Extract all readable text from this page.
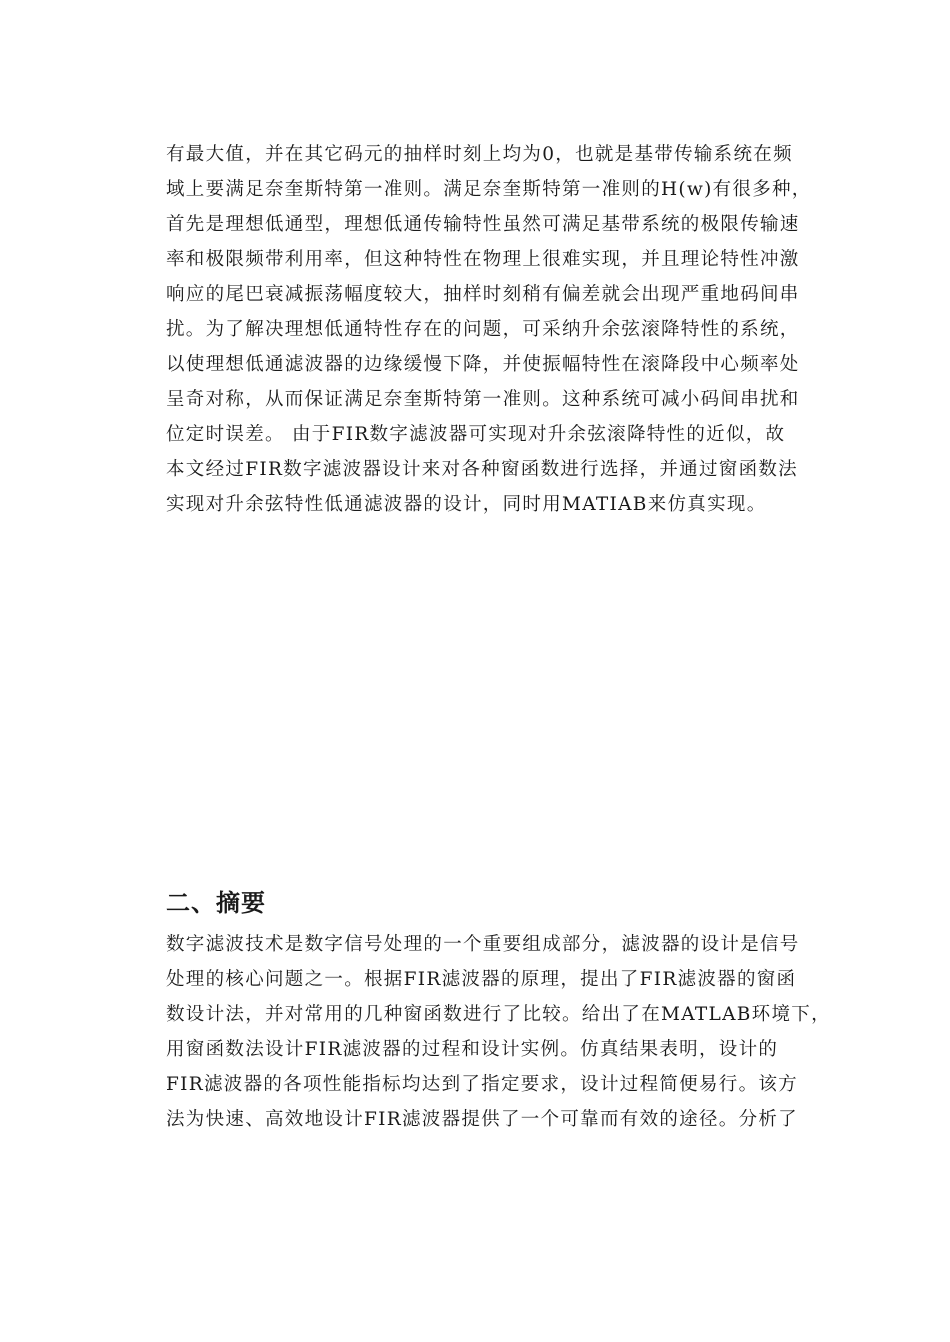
有最大值，并在其它码元的抽样时刻上均为0，也就是基带传输系统在频
域上要满足奈奎斯特第一准则。满足奈奎斯特第一准则的H(w)有很多种，
首先是理想低通型，理想低通传输特性虽然可满足基带系统的极限传输速
率和极限频带利用率，但这种特性在物理上很难实现，并且理论特性冲激
响应的尾巴衰减振荡幅度较大，抽样时刻稍有偏差就会出现严重地码间串
扰。为了解决理想低通特性存在的问题，可采纳升余弦滚降特性的系统，
以使理想低通滤波器的边缘缓慢下降，并使振幅特性在滚降段中心频率处
呈奇对称，从而保证满足奈奎斯特第一准则。这种系统可减小码间串扰和
位定时误差。 由于FIR数字滤波器可实现对升余弦滚降特性的近似，故
本文经过FIR数字滤波器设计来对各种窗函数进行选择，并通过窗函数法
实现对升余弦特性低通滤波器的设计，同时用MATIAB来仿真实现。
二、摘要
数字滤波技术是数字信号处理的一个重要组成部分，滤波器的设计是信号
处理的核心问题之一。根据FIR滤波器的原理，提出了FIR滤波器的窗函
数设计法，并对常用的几种窗函数进行了比较。给出了在MATLAB环境下，
用窗函数法设计FIR滤波器的过程和设计实例。仿真结果表明，设计的
FIR滤波器的各项性能指标均达到了指定要求，设计过程简便易行。该方
法为快速、高效地设计FIR滤波器提供了一个可靠而有效的途径。分析了
